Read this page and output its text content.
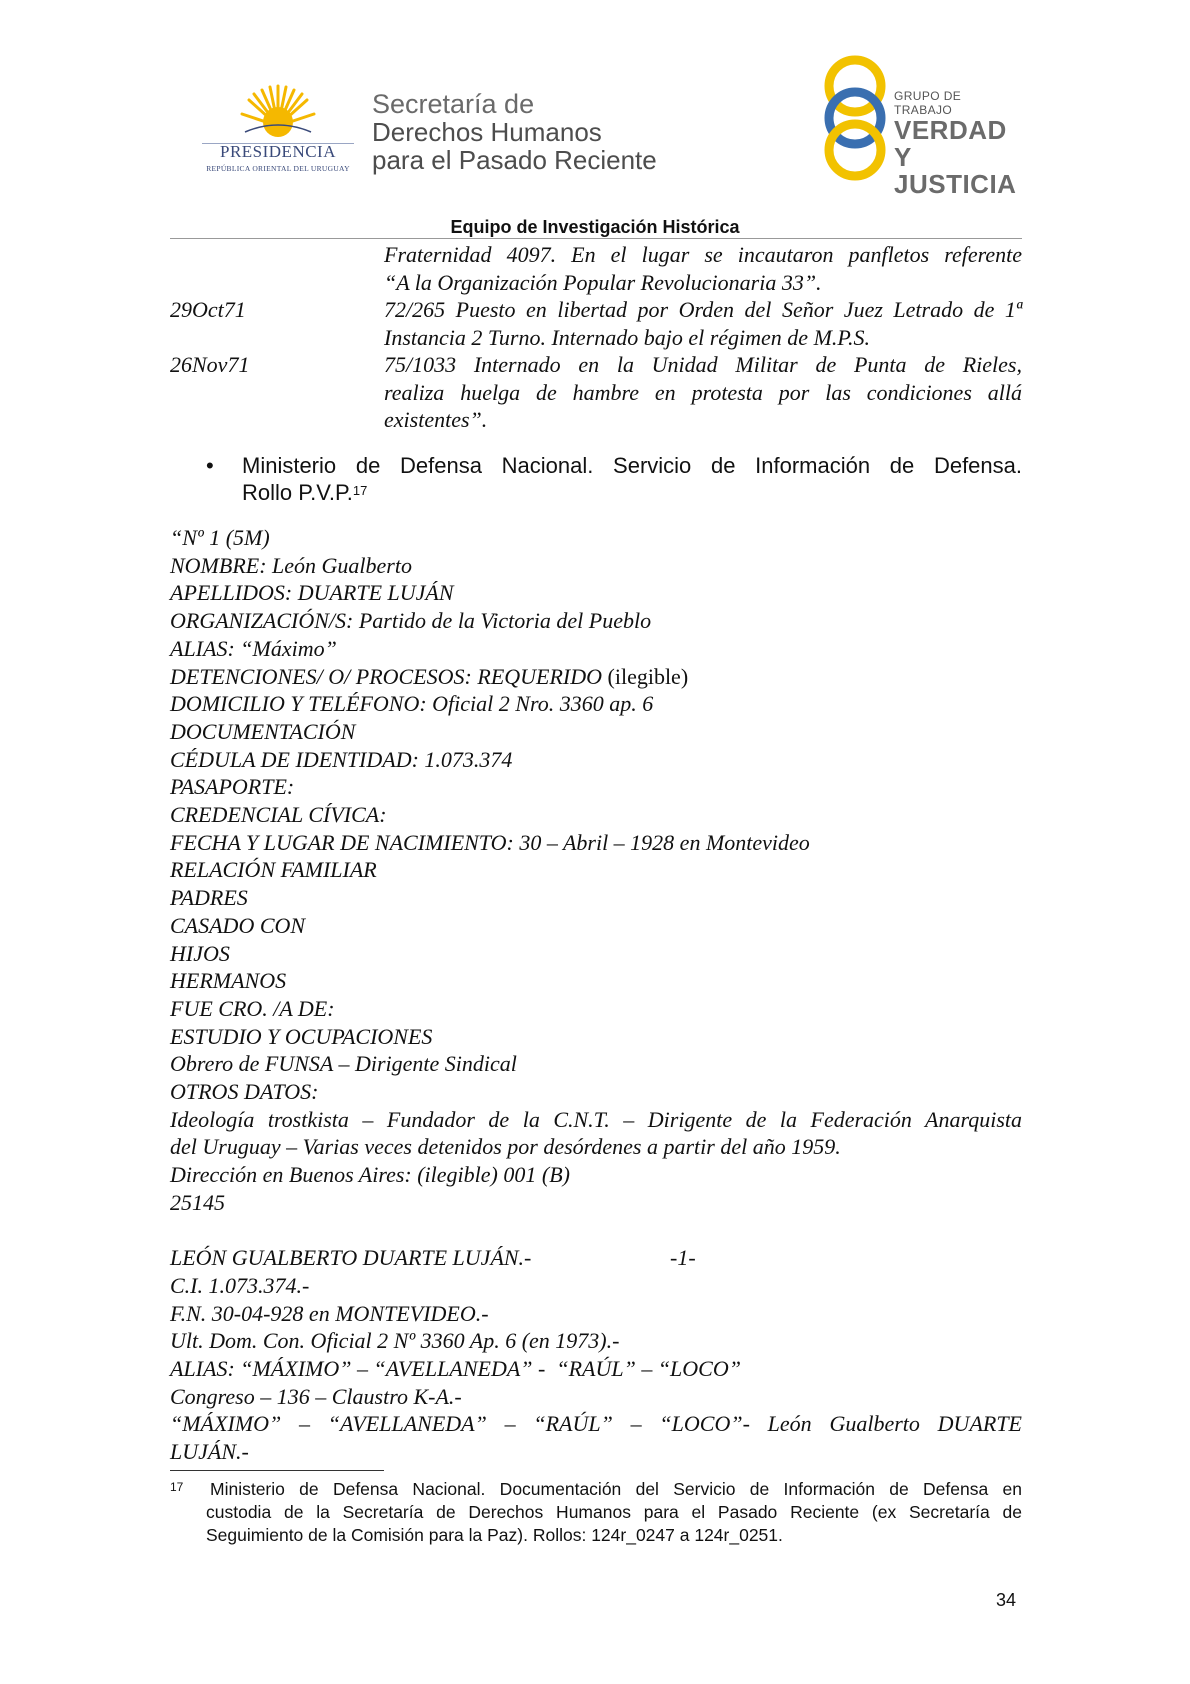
PRESIDENCIA
REPÚBLICA ORIENTAL DEL URUGUAY
Secretaría de
Derechos Humanos
para el Pasado Reciente
GRUPO DE TRABAJO
VERDAD Y
JUSTICIA
Equipo de Investigación Histórica
Fraternidad 4097. En el lugar se incautaron panfletos referente
“A la Organización Popular Revolucionaria 33”.
29Oct71	72/265 Puesto en libertad por Orden del Señor Juez Letrado de 1ª
Instancia 2 Turno. Internado bajo el régimen de M.P.S.
26Nov71	75/1033 Internado en la Unidad Militar de Punta de Rieles,
realiza huelga de hambre en protesta por las condiciones allá
existentes”.
• Ministerio de Defensa Nacional. Servicio de Información de Defensa.
Rollo P.V.P.$^{17}$
“Nº 1 (5M)
NOMBRE: León Gualberto
APELLIDOS: DUARTE LUJÁN
ORGANIZACIÓN/S: Partido de la Victoria del Pueblo
ALIAS: “Máximo”
DETENCIONES/ O/ PROCESOS: REQUERIDO (ilegible)
DOMICILIO Y TELÉFONO: Oficial 2 Nro. 3360 ap. 6
DOCUMENTACIÓN
CÉDULA DE IDENTIDAD: 1.073.374
PASAPORTE:
CREDENCIAL CÍVICA:
FECHA Y LUGAR DE NACIMIENTO: 30 – Abril – 1928 en Montevideo
RELACIÓN FAMILIAR
PADRES
CASADO CON
HIJOS
HERMANOS
FUE CRO. /A DE:
ESTUDIO Y OCUPACIONES
Obrero de FUNSA – Dirigente Sindical
OTROS DATOS:
Ideología trostkista – Fundador de la C.N.T. – Dirigente de la Federación Anarquista
del Uruguay – Varias veces detenidos por desórdenes a partir del año 1959.
Dirección en Buenos Aires: (ilegible) 001 (B)
25145
LEÓN GUALBERTO DUARTE LUJÁN.-	-1-
C.I. 1.073.374.-
F.N. 30-04-928 en MONTEVIDEO.-
Ult. Dom. Con. Oficial 2 Nº 3360 Ap. 6 (en 1973).-
ALIAS: “MÁXIMO” – “AVELLANEDA” -  “RAÚL” – “LOCO”
Congreso – 136 – Claustro K-A.-
“MÁXIMO” – “AVELLANEDA” – “RAÚL” – “LOCO”- León Gualberto DUARTE
LUJÁN.-
17 Ministerio de Defensa Nacional. Documentación del Servicio de Información de Defensa en
custodia de la Secretaría de Derechos Humanos para el Pasado Reciente (ex Secretaría de
Seguimiento de la Comisión para la Paz). Rollos: 124r_0247 a 124r_0251.
34
